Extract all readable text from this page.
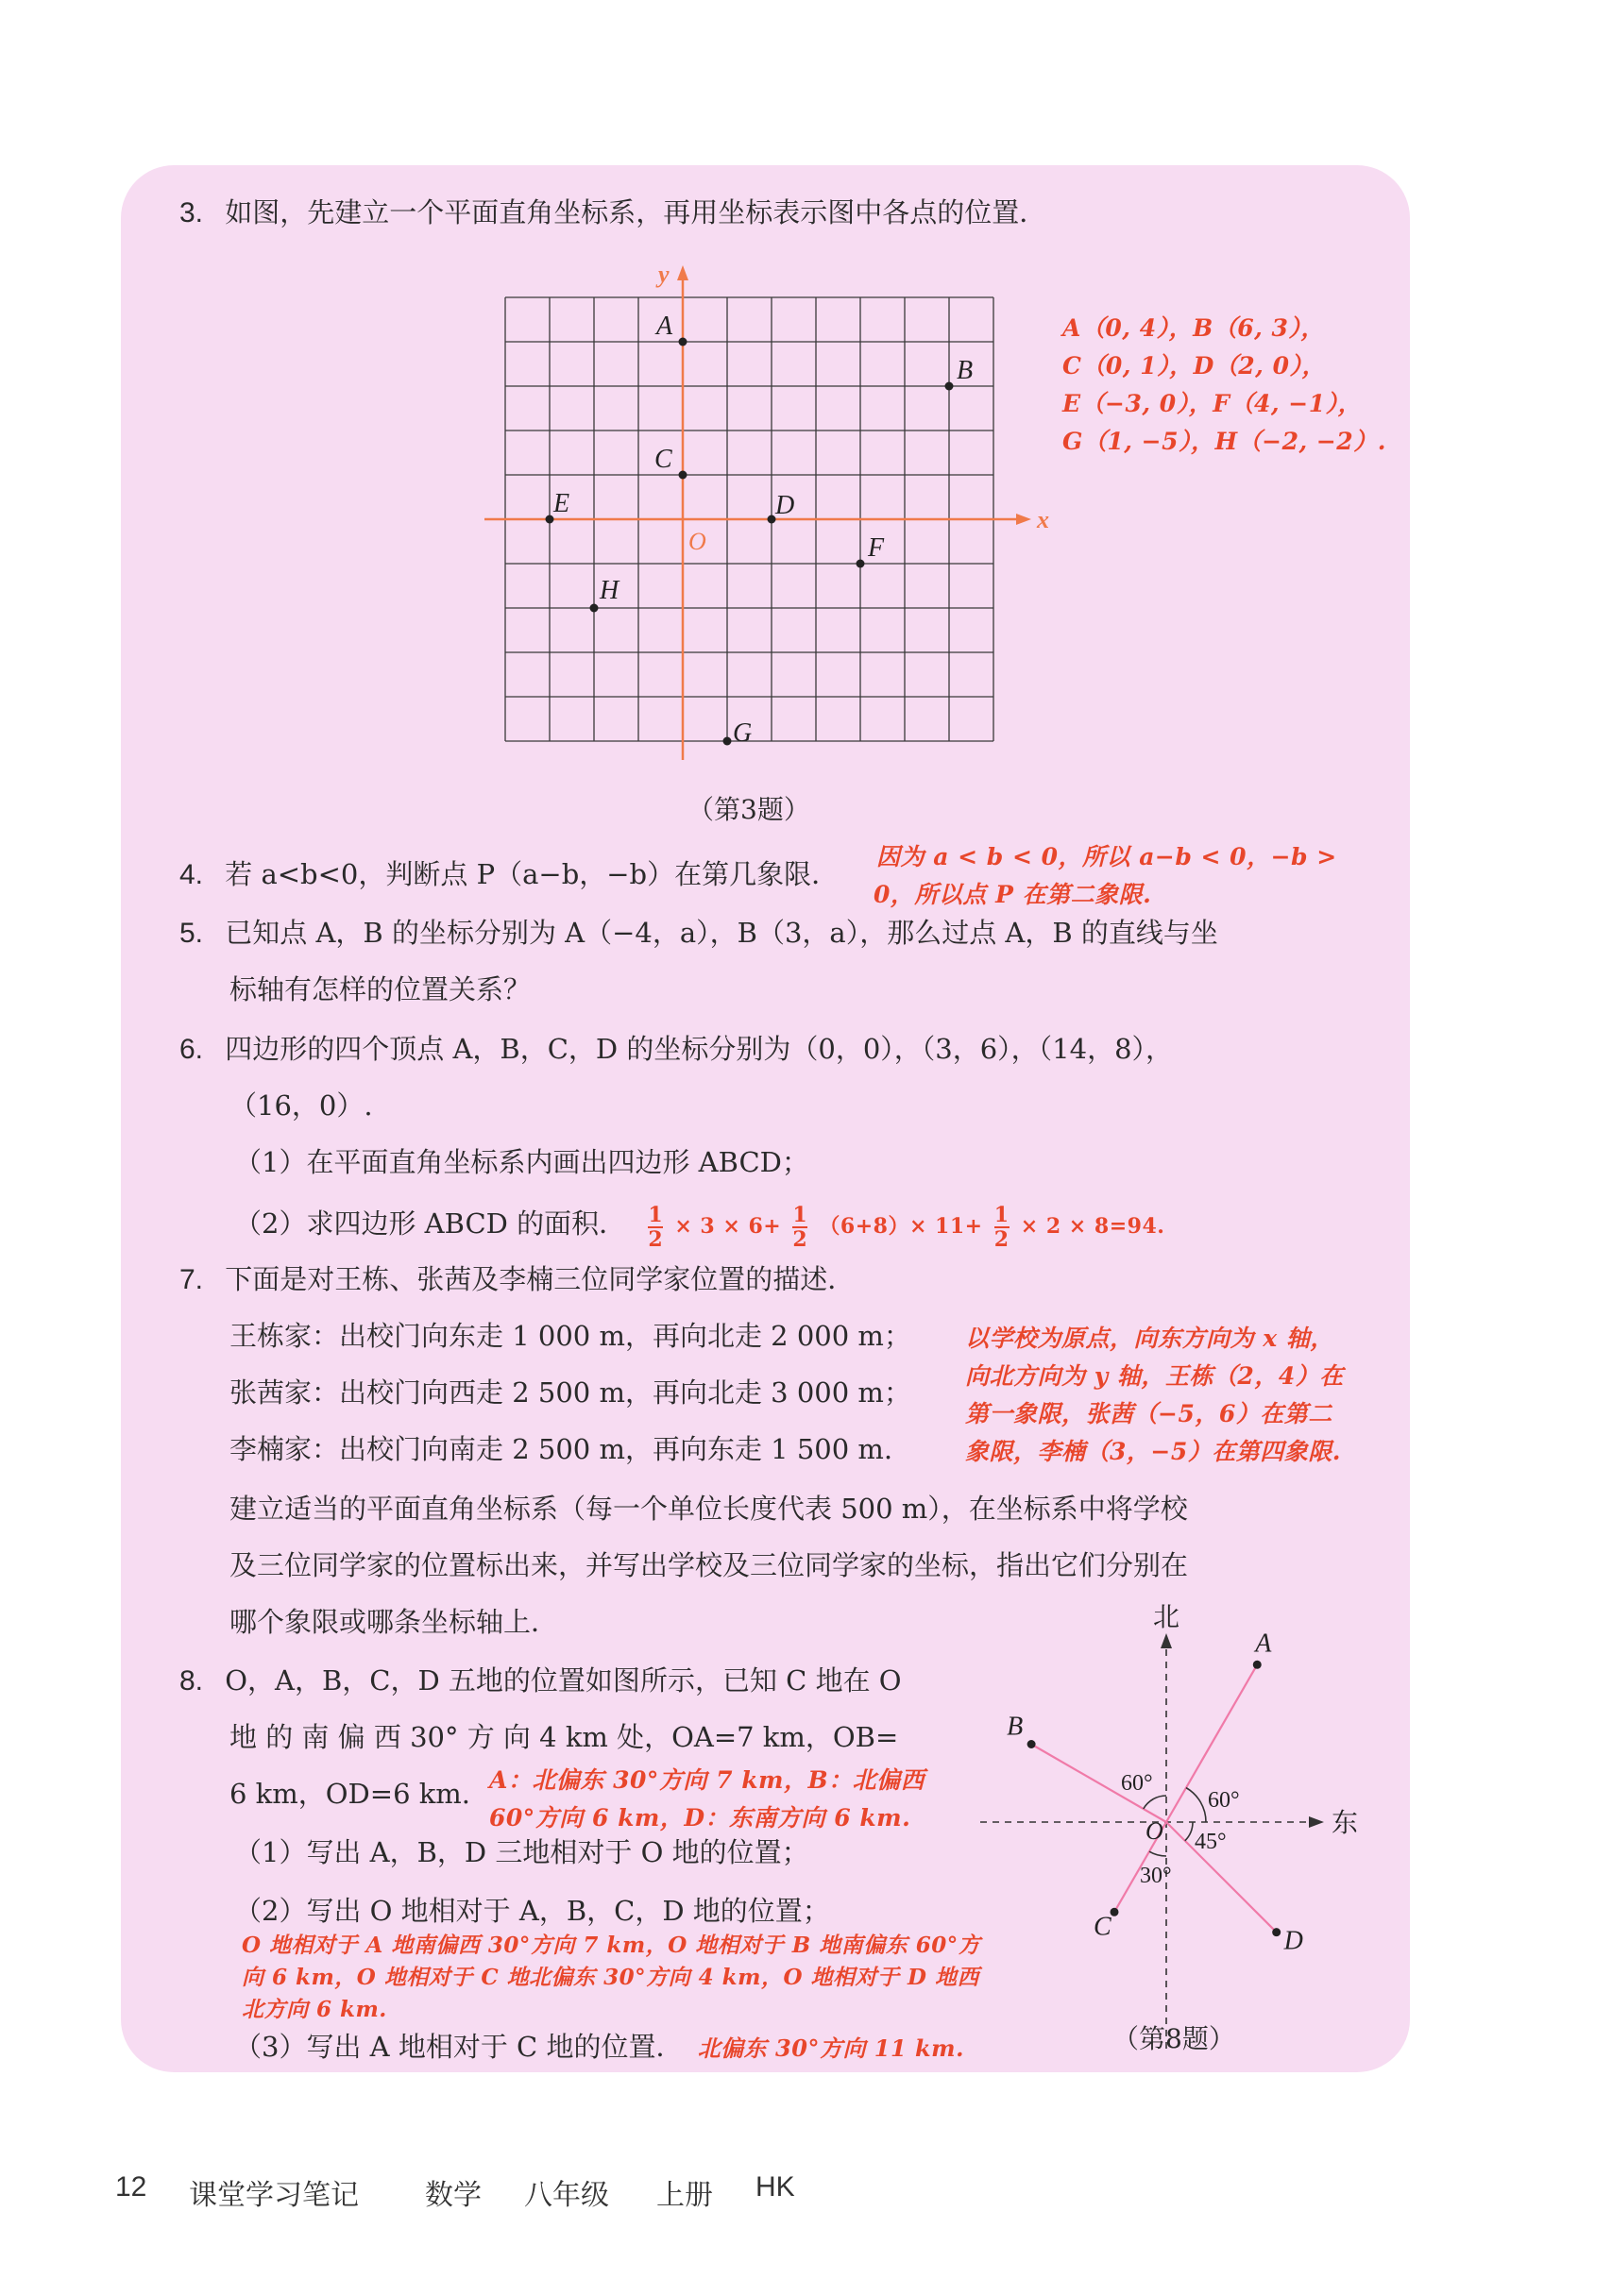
3. 如图，先建立一个平面直角坐标系，再用坐标表示图中各点的位置．
x
y
O
A
B
C
D
E
F
G
H
（第3题）
A（0, 4），B（6, 3），
C（0, 1），D（2, 0），
E（−3, 0），F（4, −1），
G（1, −5），H（−2, −2）.
4. 若 a<b<0，判断点 P（a−b，−b）在第几象限．
因为 a < b < 0，所以 a−b < 0，−b >
0，所以点 P 在第二象限.
5. 已知点 A，B 的坐标分别为 A（−4，a），B（3，a），那么过点 A，B 的直线与坐
标轴有怎样的位置关系？
6. 四边形的四个顶点 A，B，C，D 的坐标分别为（0，0），（3，6），（14，8），
（16，0）.
（1）在平面直角坐标系内画出四边形 ABCD；
（2）求四边形 ABCD 的面积． $\frac{1}{2} \times 3 \times 6+ \frac{1}{2} (6+8)\times 11+ \frac{1}{2} \times 2 \times 8=94$.
7. 下面是对王栋、张茜及李楠三位同学家位置的描述．
王栋家：出校门向东走 1 000 m，再向北走 2 000 m；
张茜家：出校门向西走 2 500 m，再向北走 3 000 m；
李楠家：出校门向南走 2 500 m，再向东走 1 500 m.
以学校为原点，向东方向为 x 轴，
向北方向为 y 轴，王栋（2，4）在
第一象限，张茜（−5，6）在第二
象限，李楠（3，−5）在第四象限.
建立适当的平面直角坐标系（每一个单位长度代表 500 m），在坐标系中将学校
及三位同学家的位置标出来，并写出学校及三位同学家的坐标，指出它们分别在
哪个象限或哪条坐标轴上．
8. O，A，B，C，D 五地的位置如图所示，已知 C 地在 O
地 的 南 偏 西 30° 方 向 4 km 处，OA=7 km，OB=
6 km，OD=6 km. A：北偏东 30°方向 7 km，B：北偏西
60°方向 6 km，D：东南方向 6 km.
（1）写出 A，B，D 三地相对于 O 地的位置；
（2）写出 O 地相对于 A，B，C，D 地的位置；
O 地相对于 A 地南偏西 30°方向 7 km，O 地相对于 B 地南偏东 60°方
向 6 km，O 地相对于 C 地北偏东 30°方向 4 km，O 地相对于 D 地西
北方向 6 km.
（3）写出 A 地相对于 C 地的位置． 北偏东 30°方向 11 km.
北
东
A
B
C	D
O
60°
60°
45°
30°
（第8题）
12 课堂学习笔记 数学 八年级 上册 HK
